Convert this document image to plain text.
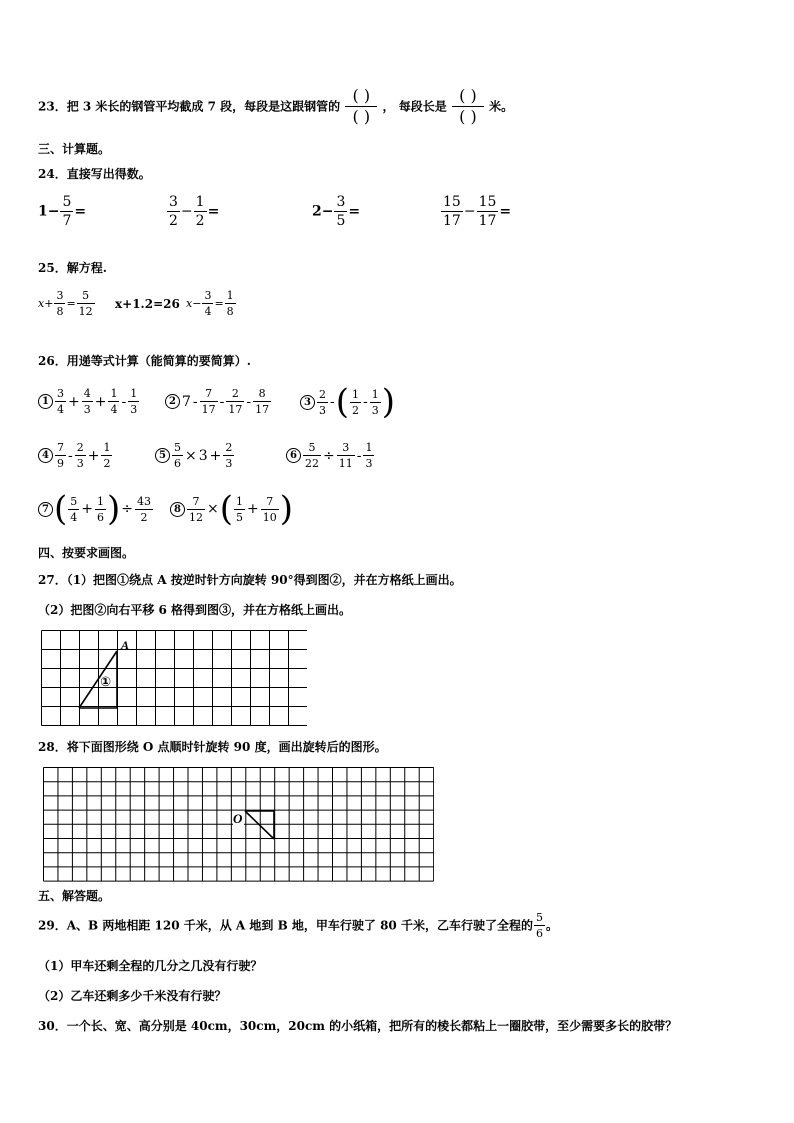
23．把 3 米长的钢管平均截成 7 段，每段是这跟钢管的 $\frac{( )}{( )}$ ， 每段长是 $\frac{( )}{( )}$ 米。
三、计算题。
24．直接写出得数。
$1- \frac{5}{7}$ =	$\frac{3}{2} - \frac{1}{2}$ =	$2- \frac{3}{5}$ =	$\frac{15}{17} - \frac{15}{17}$ =
25．解方程.
$x+ \frac{3}{8} = \frac{5}{12} x+1.2=26$ $x- \frac{3}{4} = \frac{1}{8}$
26．用递等式计算（能简算的要简算）.
$1 \frac{3}{4} + \frac{4}{3} + \frac{1}{4} - \frac{1}{3}$	2 $7 - \frac{7}{17} - \frac{2}{17} - \frac{8}{17}$	$3 \frac{2}{3}$ -( $\frac{1}{2} - \frac{1}{3}$ )
$4 \frac{7}{9} - \frac{2}{3} + \frac{1}{2}$	$5 \frac{5}{6} \times 3 + \frac{2}{3}$	$6 \frac{5}{22} \div \frac{3}{11} - \frac{1}{3}$
7 ( $\frac{5}{4} + \frac{1}{6}$ )÷ $\frac{43}{2}$	$8 \frac{7}{12}$ ×( $\frac{1}{5} + \frac{7}{10}$ )
四、按要求画图。
27．（1）把图①绕点 A 按逆时针方向旋转 90°得到图②，并在方格纸上画出。
（2）把图②向右平移 6 格得到图③，并在方格纸上画出。
A
①
28．将下面图形绕 O 点顺时针旋转 90 度，画出旋转后的图形。
O
五、解答题。
29．A、B 两地相距 120 千米，从 A 地到 B 地，甲车行驶了 80 千米，乙车行驶了全程的 $\frac{5}{6}$ 。
（1）甲车还剩全程的几分之几没有行驶？
（2）乙车还剩多少千米没有行驶？
30．一个长、宽、高分别是 40cm，30cm，20cm 的小纸箱，把所有的棱长都粘上一圈胶带，至少需要多长的胶带？
